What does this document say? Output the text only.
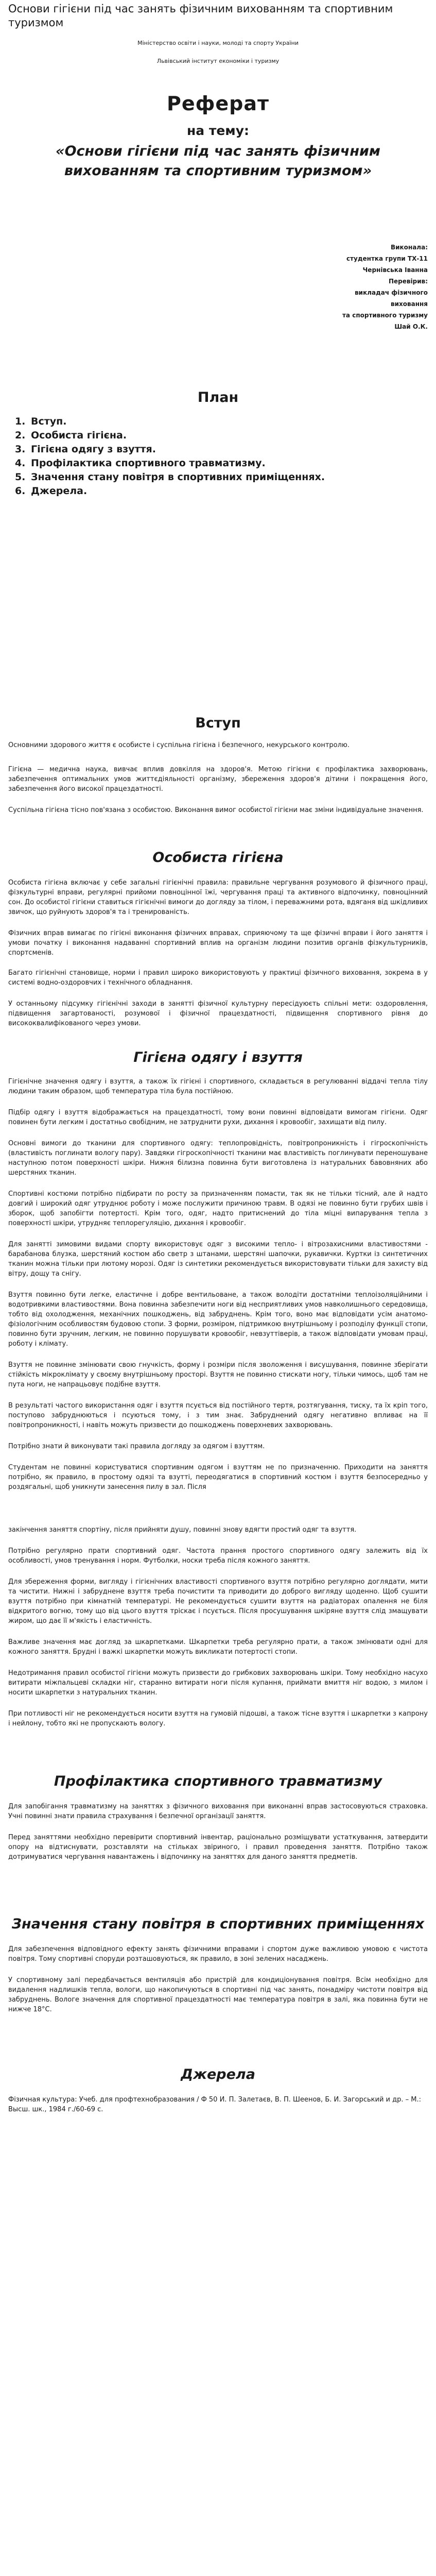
Основи гігієни під час занять фізичним вихованням та спортивним туризмом
Міністерство освіти і науки, молоді та спорту України
Львівський інститут економіки і туризму
Реферат
на тему:
«Основи гігієни під час занять фізичним вихованням та спортивним туризмом»
Виконала:
студентка групи ТХ-11
Чернівська Іванна
Перевірив:
викладач фізичного
виховання
та спортивного туризму
Шай О.К.
План
1. Вступ.
2. Особиста гігієна.
3. Гігієна одягу з взуття.
4. Профілактика спортивного травматизму.
5. Значення стану повітря в спортивних приміщеннях.
6. Джерела.
Вступ

Основними здорового життя є особисте і суспільна гігієна і безпечного, некурського контролю.

Гігієна — медична наука, вивчає вплив довкілля на здоров'я. Метою гігієни є профілактика захворювань, забезпечення оптимальних умов життєдіяльності організму, збереження здоров'я дітини і покращення його, забезпечення його високої працездатності.

Суспільна гігієна тісно пов'язана з особистою. Виконання вимог особистої гігієни має зміни індивідуальне значення.

Особиста гігієна

Особиста гігієна включає у себе загальні гігієнічні правила: правильне чергування розумового й фізичного праці, фізкультурні вправи, регулярні прийоми повноцінної їжі, чергування праці та активного відпочинку, повноцінний сон. До особистої гігієни ставиться гігієнічні вимоги до догляду за тілом, і переважними рота, вдяганя від шкідливих звичок, що руйнують здоров'я та і тренированість.

Фізичних вправ вимагає по гігієні виконання фізичних вправах, сприяючому та ще фізичні вправи і його заняття і умови початку і виконання надаванні спортивний вплив на організм людини позитив органів фізкультурників, спортсменів.

Багато гігієнічні становище, норми і правил широко використовують у практиці фізичного виховання, зокрема в у системі водно-оздоровчих і технічного обладнання.

У останньому підсумку гігієнічні заходи в занятті фізичної культурну пересідуюєть спільні мети: оздоровлення, підвищення загартованості, розумової і фізичної працездатності, підвищення спортивного рівня до висококвалифікованого через умови.

Гігієна одягу і взуття

Гігієнічне значення одягу і взуття, а також їх гігієні і спортивного, складається в регулюванні віддачі тепла тілу людини таким образом, щоб температура тіла була постійною.

Підбір одягу і взуття відображається на працездатності, тому вони повинні відповідати вимогам гігієни. Одяг повинен бути легким і достатньо свобідним, не затруднити рухи, дихання і кровообіг, захищати від пилу.

Основні вимоги до тканини для спортивного одягу: теплопровідність, повітропроникність і гігроскопічність (властивість поглинати вологу пару). Завдяки гігроскопічності тканини має властивість поглинувати переношуване наступною потом поверхності шкіри. Нижня білизна повинна бути виготовлена із натуральних бавовняних або шерстяних тканин.

Спортивні костюми потрібно підбирати по росту за призначенням помасти, так як не тільки тісний, але й надто довгий і широкий одяг утруднює роботу і може послужити причиною травм. В одязі не повинно бути грубих швів і зборок, щоб запобігти потертості. Крім того, одяг, надто притиснений до тіла міцні випарування тепла з поверхності шкіри, утрудняє теплорегуляцію, дихання і кровообіг.

Для занятті зимовими видами спорту використовує одяг з високими тепло- і вітрозахисними властивостями - барабанова блузка, шерстяний костюм або светр з штанами, шерстяні шапочки, рукавички. Куртки із синтетичних тканин можна тільки при лютому морозі. Одяг із синтетики рекомендується використовувати тільки для захисту від вітру, дощу та снігу.

Взуття повинно бути легке, еластичне і добре вентильоване, а також володіти достатніми теплоізоляційними і водотривкими властивостями. Вона повинна забезпечити ноги від несприятливих умов навколишнього середовища, тобто від охолодження, механічних пошкоджень, від забруднень. Крім того, воно має відповідати усім анатомо-фізіологічним особливостям будовою стопи. З форми, розміром, підтримкою внутрішньому і розподілу функції стопи, повинно бути зручним, легким, не повинно порушувати кровообіг, невзуттіверів, а також відповідати умовам праці, роботу і клімату.

Взуття не повинне змінювати свою гнучкість, форму і розміри після зволоження і висушування, повинне зберігати стійкість мікроклімату у своєму внутрішньому просторі. Взуття не повинно стискати ногу, тільки чимось, щоб там не пута ноги, не напрацьовує подібне взуття.

В результаті частого використання одяг і взуття псується від постійного тертя, розтягування, тиску, та їх кріп того, поступово забруднюються і псуються тому, і з тим знає. Забруднений одягу негативно впливає на її повітропроникності, і навіть можуть призвести до пошкоджень поверхневих захворювань.

Потрібно знати й виконувати такі правила догляду за одягом і взуттям.

Студентам не повинні користуватися спортивним одягом і взуттям не по призначенню. Приходити на заняття потрібно, як правило, в простому одязі та взутті, переодягатися в спортивний костюм і взуття безпосередньо у роздягальні, щоб уникнути занесення пилу в зал. Після

закінчення заняття спортіну, після прийняти душу, повинні знову вдягти простий одяг та взуття.

Потрібно регулярно прати спортивний одяг. Частота прання простого спортивного одягу залежить від їх особливості, умов тренування і норм. Футболки, носки треба після кожного заняття.

Для збереження форми, вигляду і гігієнічних властивості спортивного взуття потрібно регулярно доглядати, мити та чистити. Нижні і забруднене взуття треба почистити та приводити до доброго вигляду щоденно. Щоб сушити взуття потрібно при кімнатній температурі. Не рекомендується сушити взуття на радіаторах опалення не біля відкритого вогню, тому що від цього взуття тріскає і псується. Після просушування шкіряне взуття слід змащувати жиром, що дає її м'якість і еластичність.

Важливе значення має догляд за шкарпетками. Шкарпетки треба регулярно прати, а також змінювати одні для кожного заняття. Брудні і важкі шкарпетки можуть викликати потертості стопи.

Недотримання правил особистої гігієни можуть призвести до грибкових захворювань шкіри. Тому необхідно насухо витирати міжпальцеві складки ніг, старанно витирати ноги після купання, приймати вмиття ніг водою, з милом і носити шкарпетки з натуральних тканин.

При потливості ніг не рекомендується носити взуття на гумовій підошві, а також тісне взуття і шкарпетки з капрону і нейлону, тобто які не пропускають вологу.

Профілактика спортивного травматизму

Для запобігання травматизму на заняттях з фізичного виховання при виконанні вправ застосовуються страховка. Учні повинні знати правила страхування і безпечної організації заняття.

Перед заняттями необхідно перевірити спортивний інвентар, раціонально розміщувати устаткування, затвердити опору на відтиснувати, розставляти на стільках звіриного, і правил проведення заняття. Потрібно також дотримуватися чергування навантажень і відпочинку на заняттях для даного заняття предметів.

Значення стану повітря в спортивних приміщеннях

Для забезпечення відповідного ефекту занять фізичними вправами і спортом дуже важливою умовою є чистота повітря. Тому спортивні споруди розташовуються, як правило, в зоні зелених насаджень.

У спортивному залі передбачається вентиляція або пристрій для кондиціонування повітря. Всім необхідно для видалення надлишків тепла, вологи, що накопичуються в спортивні під час занять, понадміру чистоти повітря від забруднень. Вологе значення для спортивної працездатності має температура повітря в залі, яка повинна бути не нижче 18°C.

Джерела
Фізичная культура: Учеб. для профтехнобразования / Ф 50 И. П. Залетаєв, В. П. Шеенов, Б. И. Загорський и др. – М.: Высш. шк., 1984 г./60-69 с.
